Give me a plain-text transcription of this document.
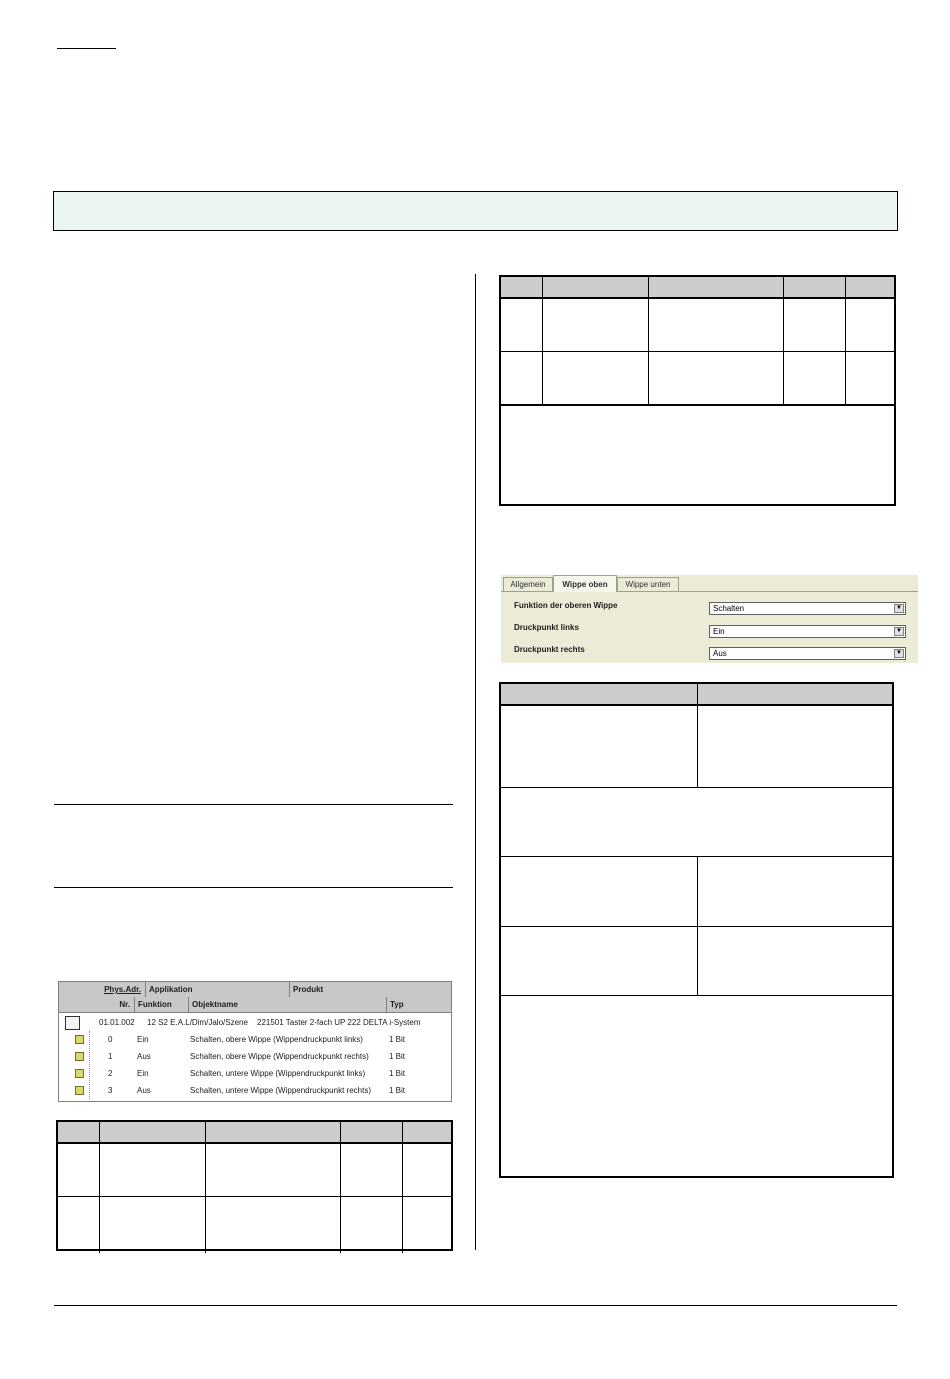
Allgemein	Wippe oben	Wippe unten
Funktion der oberen Wippe	Schalten	▼
Druckpunkt links	Ein	▼
Druckpunkt rechts	Aus	▼
Phys.Adr.	Applikation	Produkt
Nr.	Funktion	Objektname	Typ
01.01.002 12 S2 E.A.L/Dim/Jalo/Szene 221501 Taster 2-fach UP 222 DELTA i-System
0	Ein	Schalten, obere Wippe (Wippendruckpunkt links)	1 Bit
1	Aus	Schalten, obere Wippe (Wippendruckpunkt rechts)	1 Bit
2	Ein	Schalten, untere Wippe (Wippendruckpunkt links)	1 Bit
3	Aus	Schalten, untere Wippe (Wippendruckpunkt rechts) 1 Bit
